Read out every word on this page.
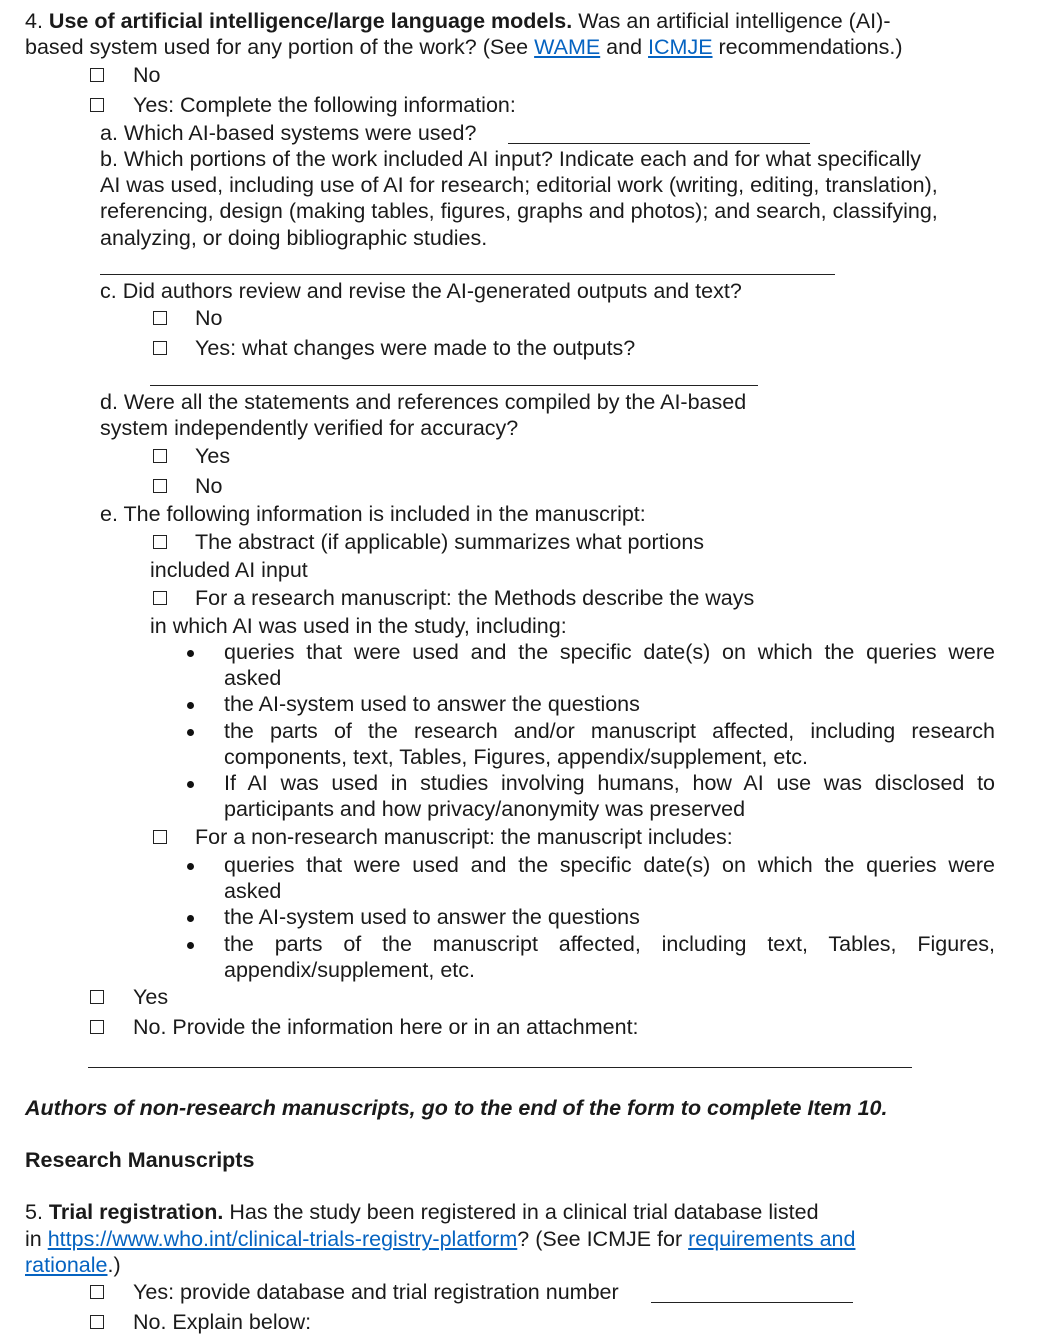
4. Use of artificial intelligence/large language models. Was an artificial intelligence (AI)-
based system used for any portion of the work? (See WAME and ICMJE recommendations.)
No
Yes: Complete the following information:
a. Which AI-based systems were used?
b. Which portions of the work included AI input? Indicate each and for what specifically
AI was used, including use of AI for research; editorial work (writing, editing, translation),
referencing, design (making tables, figures, graphs and photos); and search, classifying,
analyzing, or doing bibliographic studies.
c. Did authors review and revise the AI-generated outputs and text?
No
Yes: what changes were made to the outputs?
d. Were all the statements and references compiled by the AI-based
system independently verified for accuracy?
Yes
No
e. The following information is included in the manuscript:
The abstract (if applicable) summarizes what portions
included AI input
For a research manuscript: the Methods describe the ways
in which AI was used in the study, including:
queries that were used and the specific date(s) on which the queries were
asked
the AI-system used to answer the questions
the parts of the research and/or manuscript affected, including research
components, text, Tables, Figures, appendix/supplement, etc.
If AI was used in studies involving humans, how AI use was disclosed to
participants and how privacy/anonymity was preserved
For a non-research manuscript: the manuscript includes:
queries that were used and the specific date(s) on which the queries were
asked
the AI-system used to answer the questions
the parts of the manuscript affected, including text, Tables, Figures,
appendix/supplement, etc.
Yes
No. Provide the information here or in an attachment:
Authors of non-research manuscripts, go to the end of the form to complete Item 10.
Research Manuscripts
5. Trial registration. Has the study been registered in a clinical trial database listed
in https://www.who.int/clinical-trials-registry-platform? (See ICMJE for requirements and
rationale.)
Yes: provide database and trial registration number
No. Explain below:
